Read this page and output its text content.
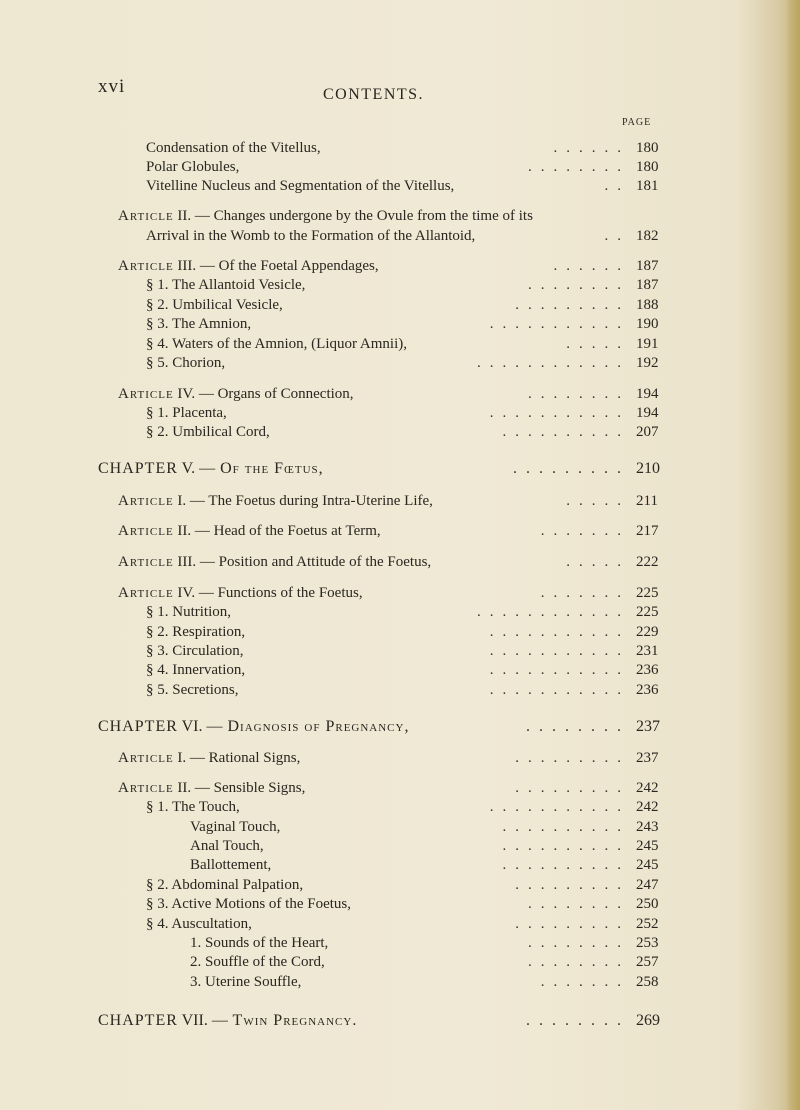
xvi	CONTENTS.
PAGE
Condensation of the Vitellus,	...... 180
Polar Globules,	........ 180
Vitelline Nucleus and Segmentation of the Vitellus,	.. 181
Article II. — Changes undergone by the Ovule from the time of its
Arrival in the Womb to the Formation of the Allantoid,	.. 182
Article III. — Of the Foetal Appendages,	...... 187
§ 1. The Allantoid Vesicle,	........ 187
§ 2. Umbilical Vesicle,	......... 188
§ 3. The Amnion,	........... 190
§ 4. Waters of the Amnion, (Liquor Amnii),	..... 191
§ 5. Chorion,	............ 192
Article IV. — Organs of Connection,	........ 194
§ 1. Placenta,	........... 194
§ 2. Umbilical Cord,	.......... 207
CHAPTER V. — Of the Fœtus,	......... 210
Article I. — The Foetus during Intra-Uterine Life,	..... 211
Article II. — Head of the Foetus at Term,	....... 217
Article III. — Position and Attitude of the Foetus,	..... 222
Article IV. — Functions of the Foetus,	....... 225
§ 1. Nutrition,	............ 225
§ 2. Respiration,	........... 229
§ 3. Circulation,	........... 231
§ 4. Innervation,	........... 236
§ 5. Secretions,	........... 236
CHAPTER VI. — Diagnosis of Pregnancy,	........ 237
Article I. — Rational Signs,	......... 237
Article II. — Sensible Signs,	......... 242
§ 1. The Touch,	........... 242
Vaginal Touch,	.......... 243
Anal Touch,	.......... 245
Ballottement,	.......... 245
§ 2. Abdominal Palpation,	......... 247
§ 3. Active Motions of the Foetus,	........ 250
§ 4. Auscultation,	......... 252
1. Sounds of the Heart,	........ 253
2. Souffle of the Cord,	........ 257
3. Uterine Souffle,	....... 258
CHAPTER VII. — Twin Pregnancy.	........ 269
